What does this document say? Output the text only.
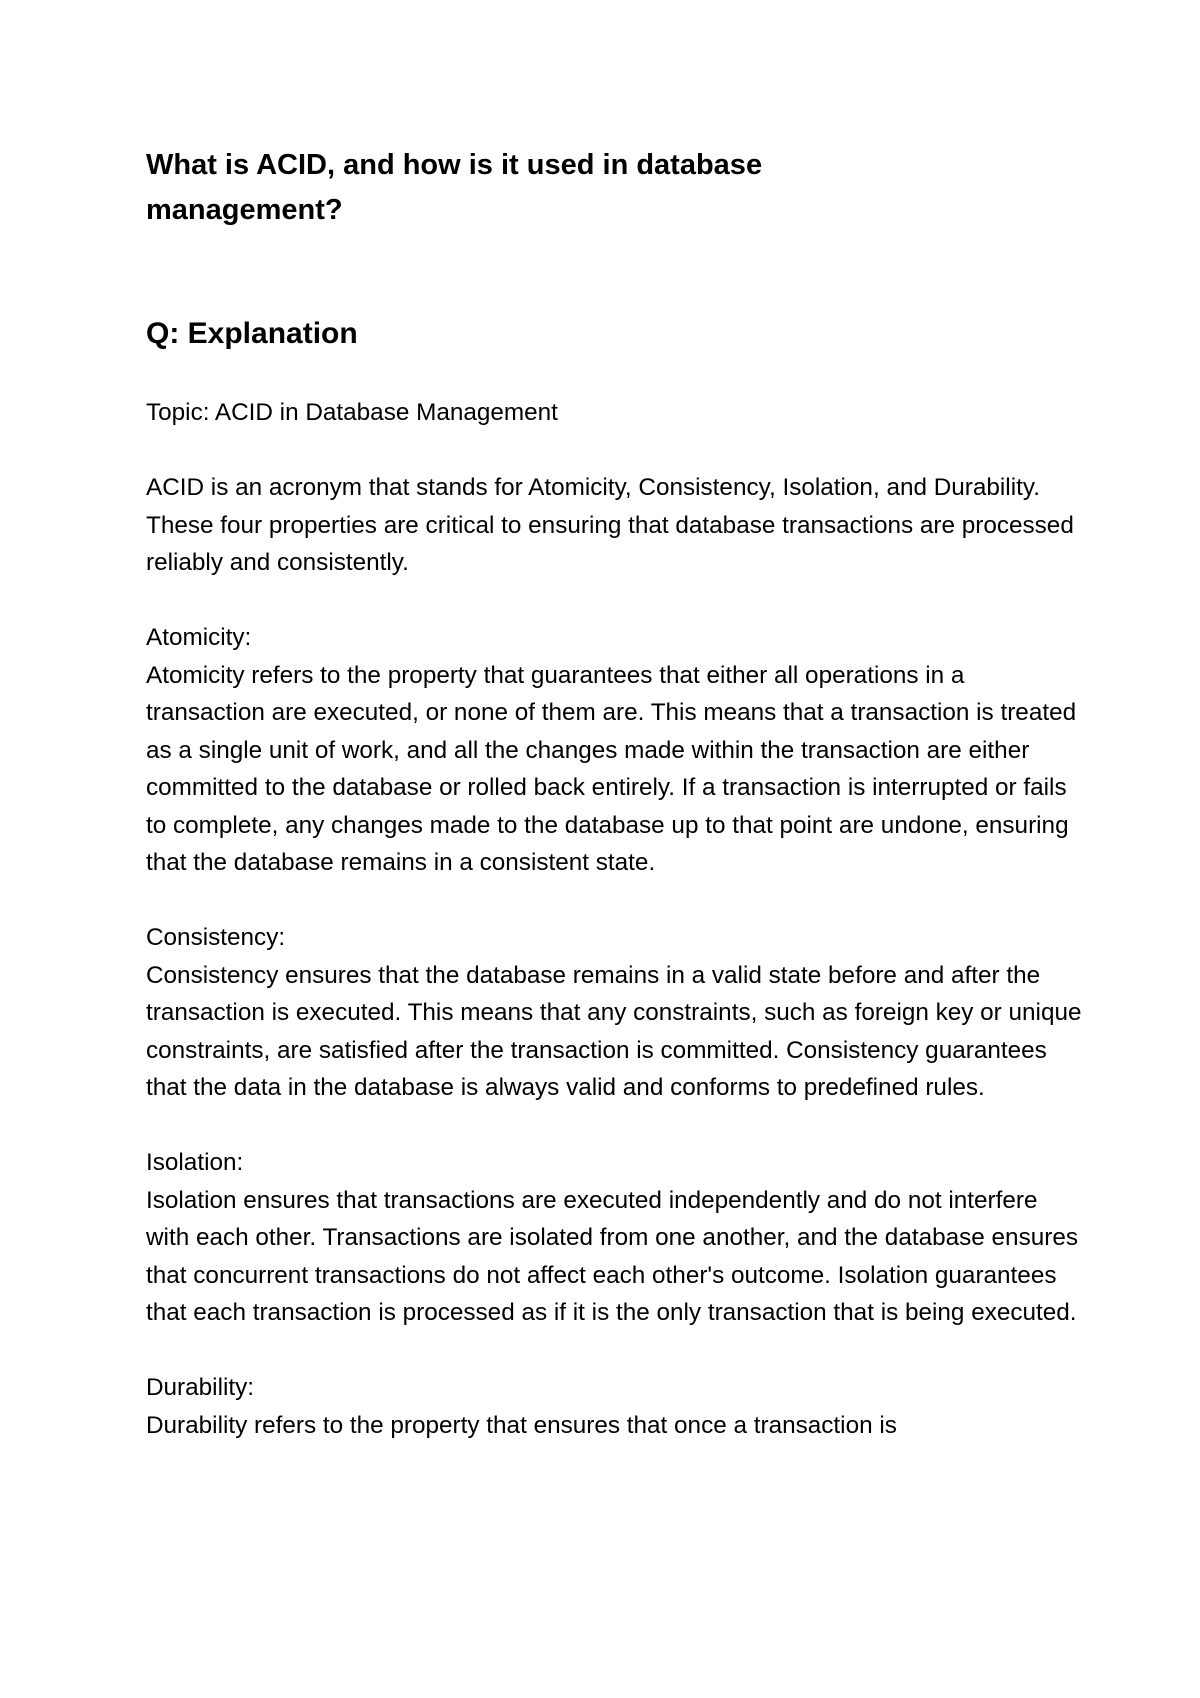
What is ACID, and how is it used in database management?
Q: Explanation

Topic: ACID in Database Management

ACID is an acronym that stands for Atomicity, Consistency, Isolation, and Durability. These four properties are critical to ensuring that database transactions are processed reliably and consistently.

Atomicity:

Atomicity refers to the property that guarantees that either all operations in a transaction are executed, or none of them are. This means that a transaction is treated as a single unit of work, and all the changes made within the transaction are either committed to the database or rolled back entirely. If a transaction is interrupted or fails to complete, any changes made to the database up to that point are undone, ensuring that the database remains in a consistent state.

Consistency:

Consistency ensures that the database remains in a valid state before and after the transaction is executed. This means that any constraints, such as foreign key or unique constraints, are satisfied after the transaction is committed. Consistency guarantees that the data in the database is always valid and conforms to predefined rules.

Isolation:

Isolation ensures that transactions are executed independently and do not interfere with each other. Transactions are isolated from one another, and the database ensures that concurrent transactions do not affect each other's outcome. Isolation guarantees that each transaction is processed as if it is the only transaction that is being executed.

Durability:

Durability refers to the property that ensures that once a transaction is
